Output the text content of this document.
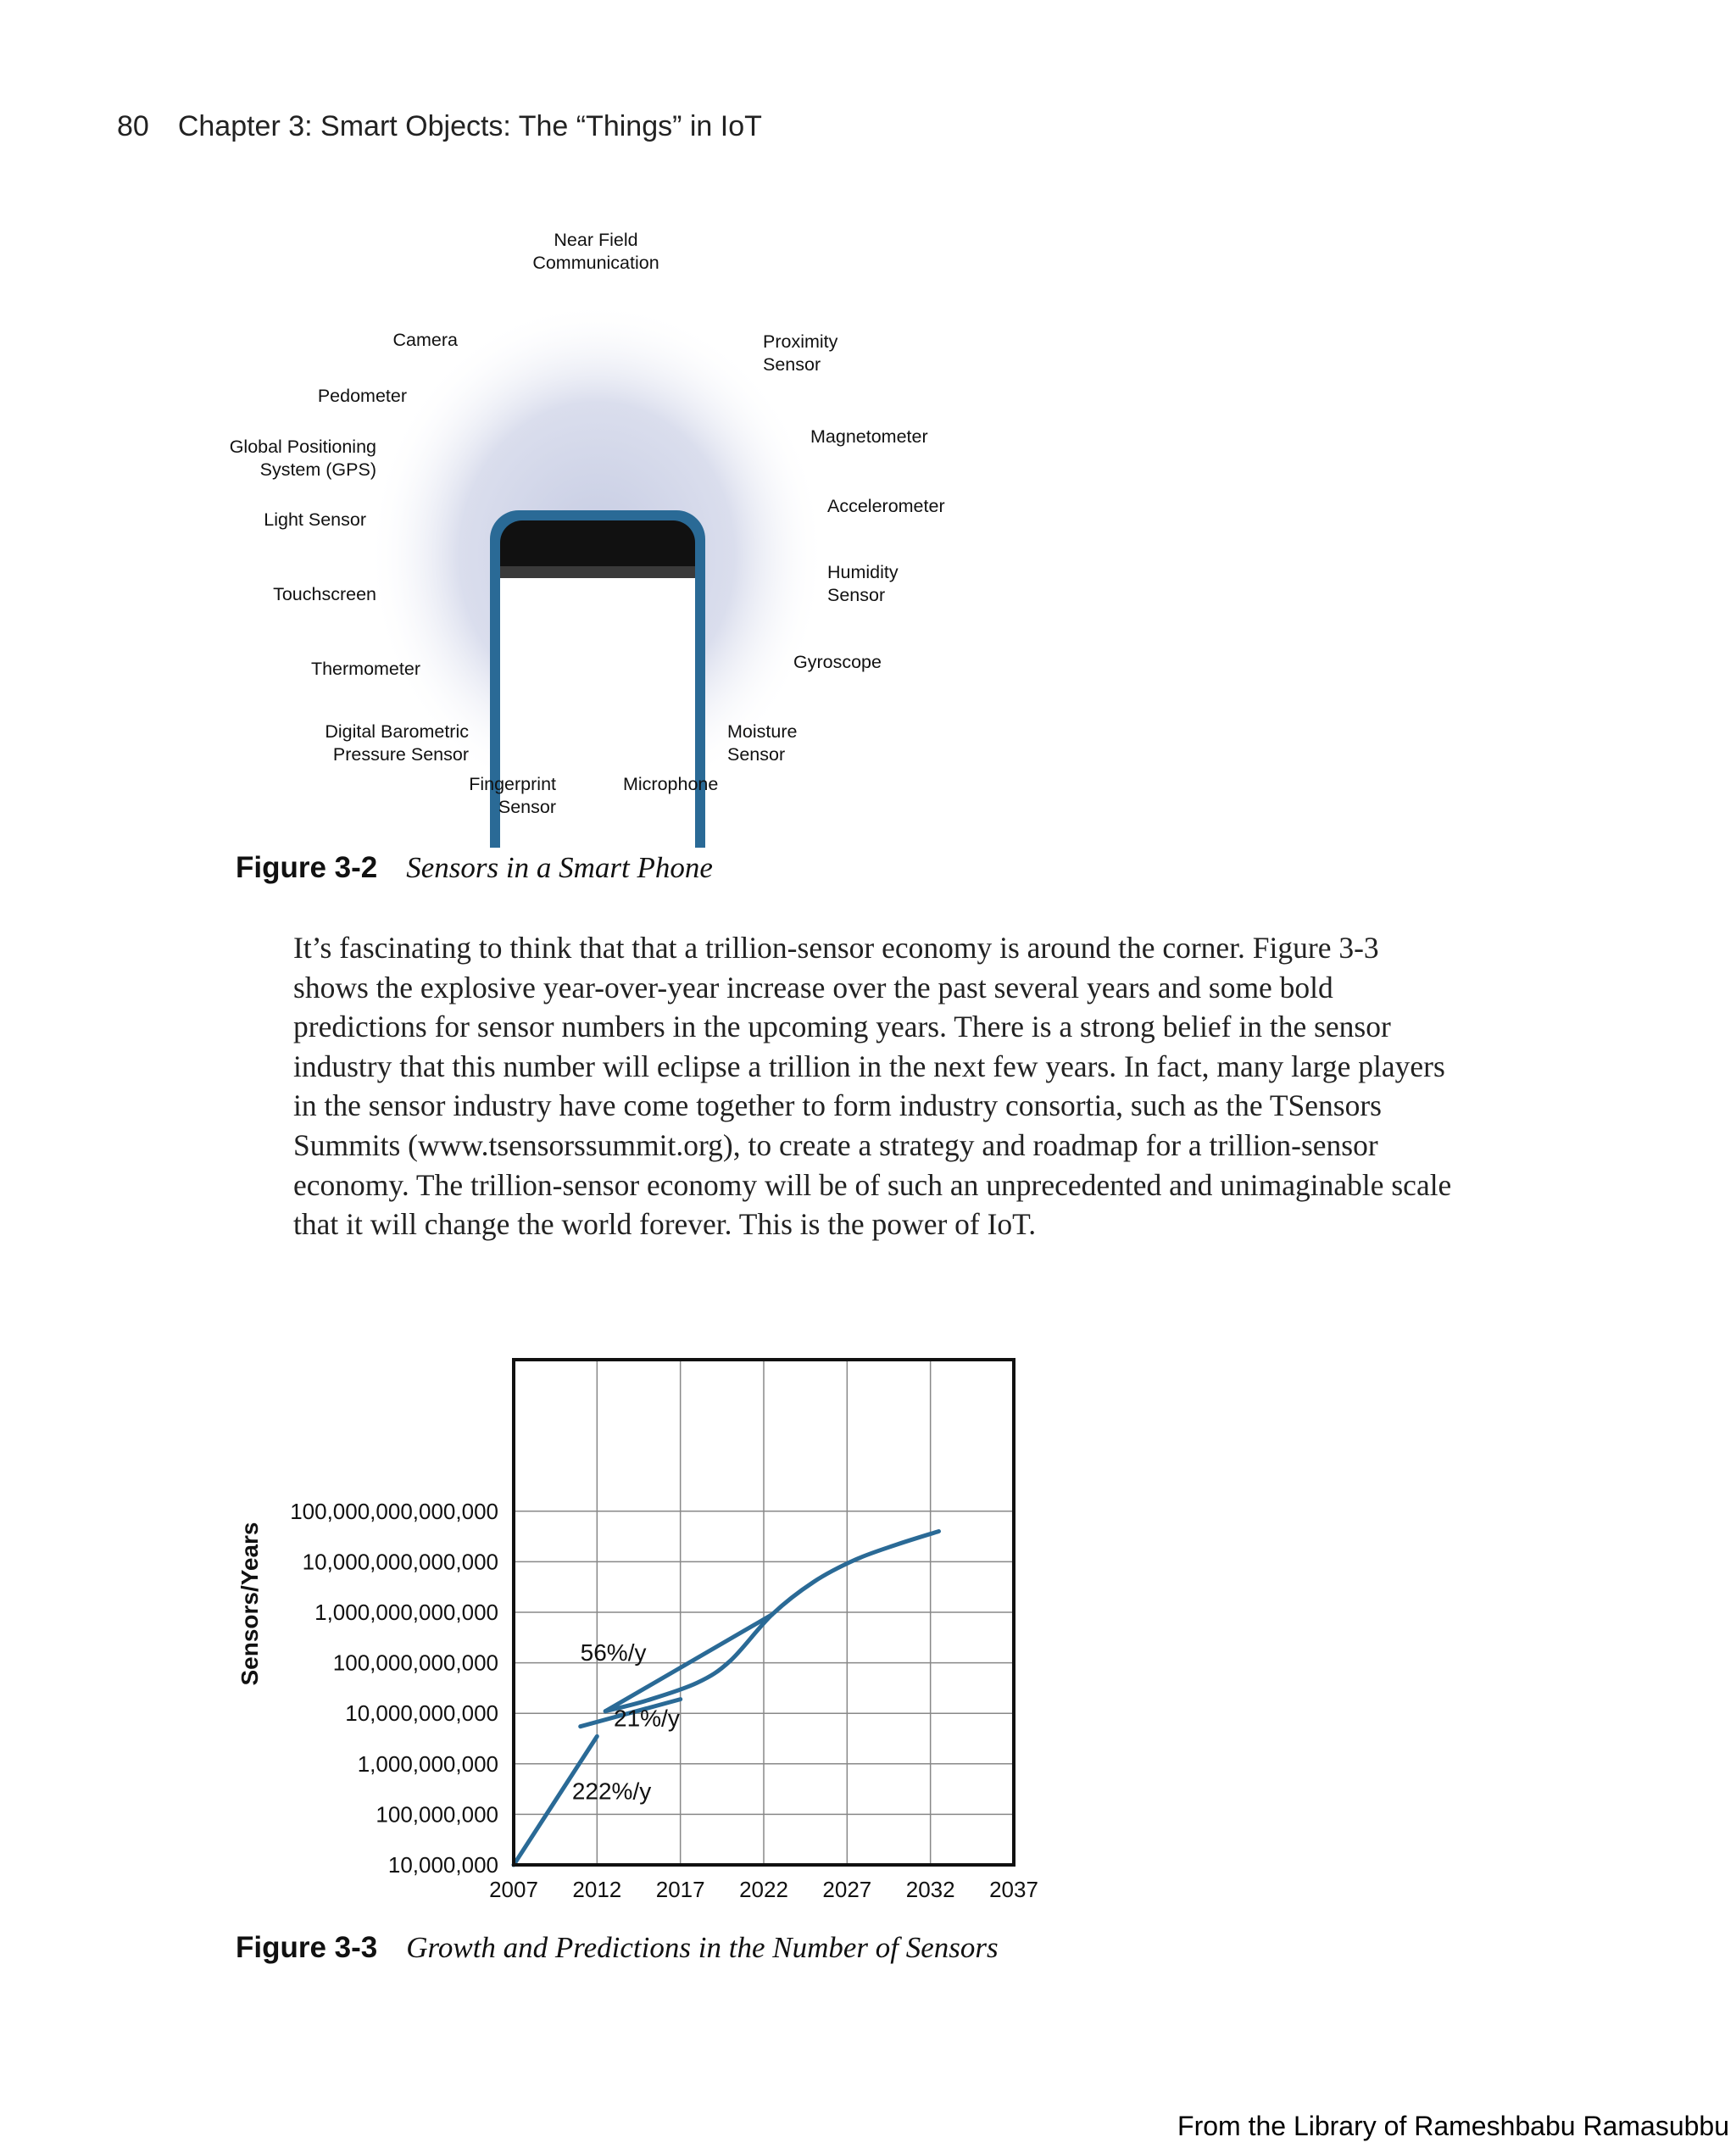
80 Chapter 3: Smart Objects: The “Things” in IoT
Near Field Communication
Camera	Proximity Sensor
Pedometer
Magnetometer
Global Positioning System (GPS)
Accelerometer
Light Sensor
Humidity Sensor
Touchscreen
Gyroscope
Thermometer
Digital Barometric Pressure Sensor
Moisture Sensor
Fingerprint Sensor
Microphone
Figure 3-2 Sensors in a Smart Phone

It’s fascinating to think that that a trillion-sensor economy is around the corner. Figure 3-3 shows the explosive year-over-year increase over the past several years and some bold predictions for sensor numbers in the upcoming years. There is a strong belief in the sensor industry that this number will eclipse a trillion in the next few years. In fact, many large players in the sensor industry have come together to form industry consortia, such as the TSensors Summits (www.tsensorssummit.org), to create a strategy and roadmap for a trillion-sensor economy. The trillion-sensor economy will be of such an unprecedented and unimaginable scale that it will change the world forever. This is the power of IoT.

2007 2012 2017 2022 2027 2032 2037
10,000,000
100,000,000
1,000,000,000
10,000,000,000
100,000,000,000
1,000,000,000,000
10,000,000,000,000
100,000,000,000,000
56%/y
21%/y
222%/y
Sensors/Years
Figure 3-3 Growth and Predictions in the Number of Sensors
From the Library of Rameshbabu Ramasubbu
